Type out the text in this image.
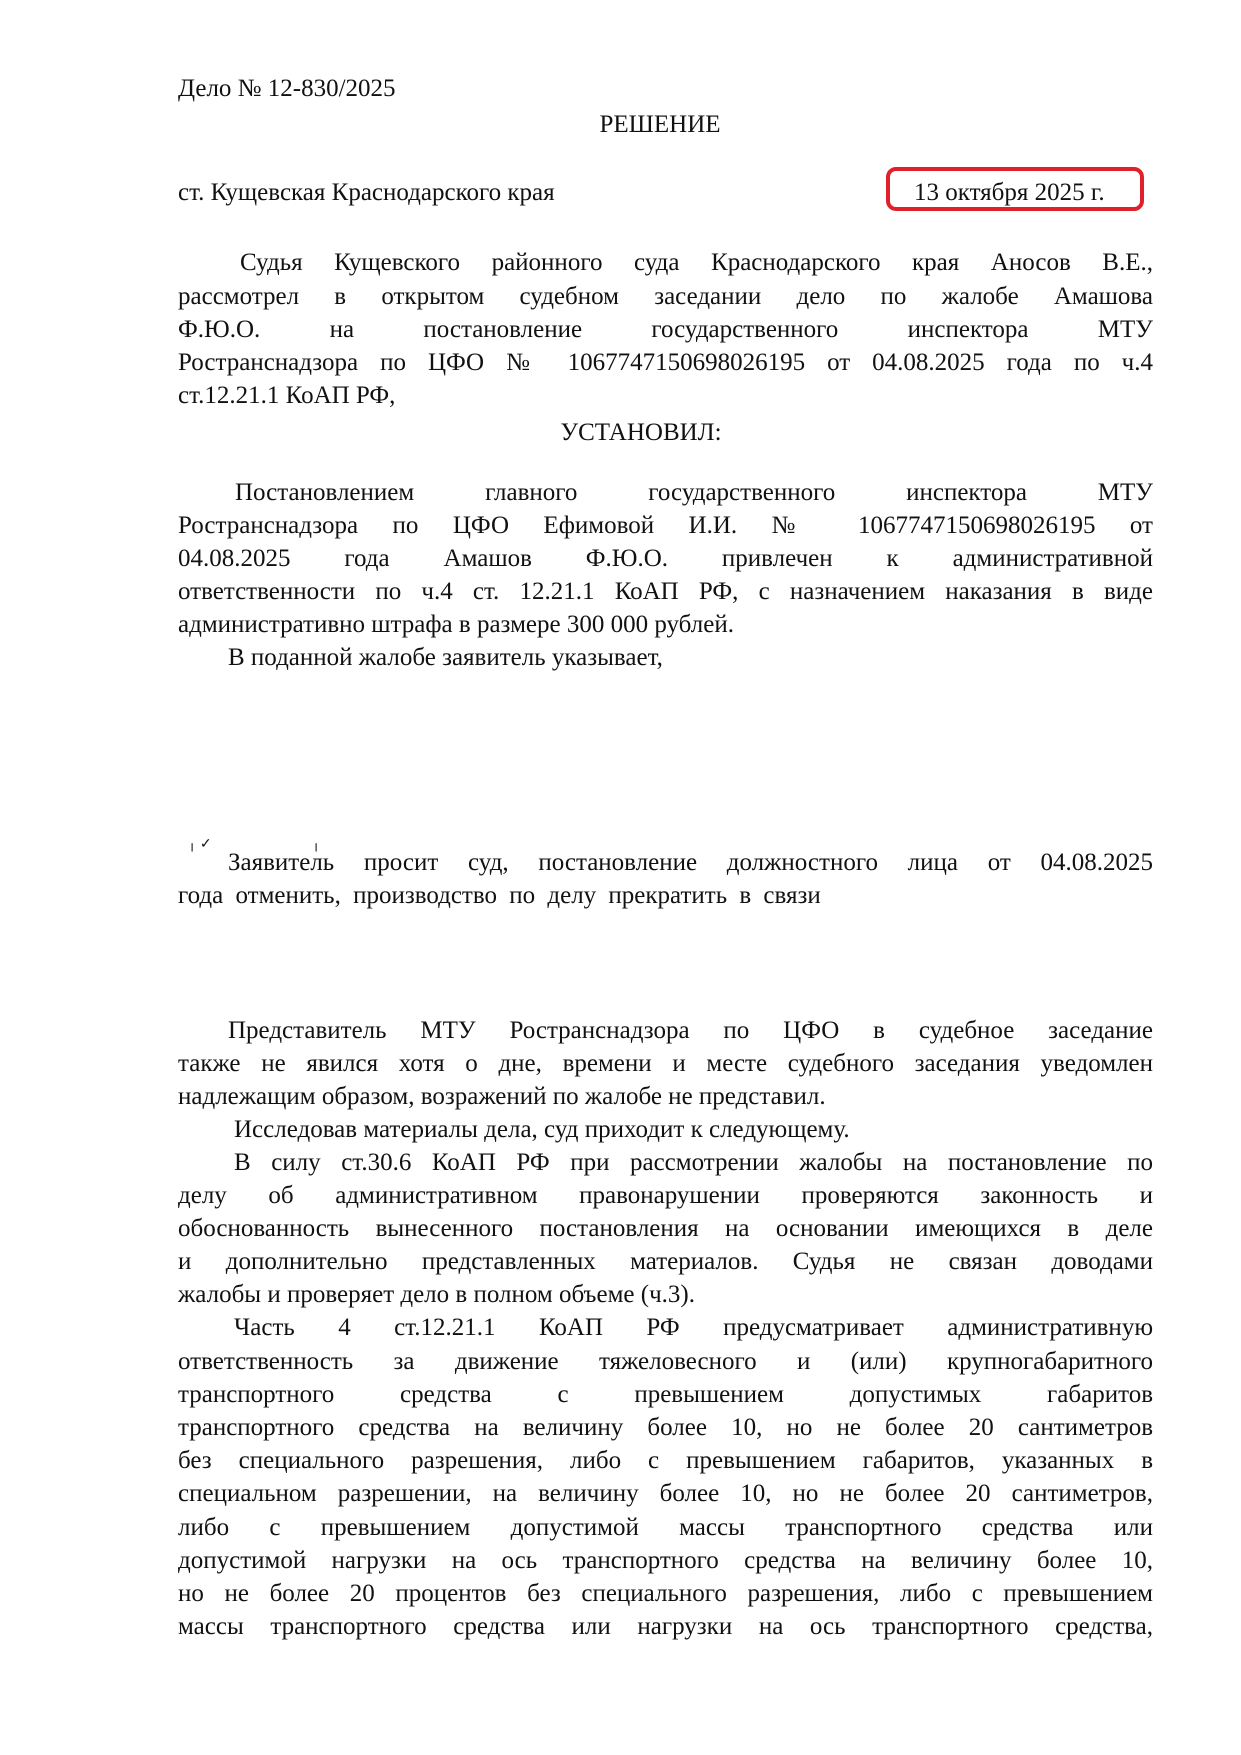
Дело № 12-830/2025
РЕШЕНИЕ
ст. Кущевская Краснодарского края	13 октября 2025 г.
Судья Кущевского районного суда Краснодарского края Аносов В.Е.,
рассмотрел в открытом судебном заседании дело по жалобе Амашова
Ф.Ю.О. на постановление государственного инспектора МТУ
Ространснадзора по ЦФО № 1067747150698026195 от 04.08.2025 года по ч.4
ст.12.21.1 КоАП РФ,
УСТАНОВИЛ:
Постановлением главного государственного инспектора МТУ
Ространснадзора по ЦФО Ефимовой И.И. № 1067747150698026195 от
04.08.2025 года Амашов Ф.Ю.О. привлечен к административной
ответственности по ч.4 ст. 12.21.1 КоАП РФ, с назначением наказания в виде
административно штрафа в размере 300 000 рублей.
В поданной жалобе заявитель указывает,
╷ ✓	╷
Заявитель просит суд, постановление должностного лица от 04.08.2025
года отменить, производство по делу прекратить в связи
Представитель МТУ Ространснадзора по ЦФО в судебное заседание
также не явился хотя о дне, времени и месте судебного заседания уведомлен
надлежащим образом, возражений по жалобе не представил.
Исследовав материалы дела, суд приходит к следующему.
В силу ст.30.6 КоАП РФ при рассмотрении жалобы на постановление по
делу об административном правонарушении проверяются законность и
обоснованность вынесенного постановления на основании имеющихся в деле
и дополнительно представленных материалов. Судья не связан доводами
жалобы и проверяет дело в полном объеме (ч.3).
Часть 4 ст.12.21.1 КоАП РФ предусматривает административную
ответственность за движение тяжеловесного и (или) крупногабаритного
транспортного средства с превышением допустимых габаритов
транспортного средства на величину более 10, но не более 20 сантиметров
без специального разрешения, либо с превышением габаритов, указанных в
специальном разрешении, на величину более 10, но не более 20 сантиметров,
либо с превышением допустимой массы транспортного средства или
допустимой нагрузки на ось транспортного средства на величину более 10,
но не более 20 процентов без специального разрешения, либо с превышением
массы транспортного средства или нагрузки на ось транспортного средства,
